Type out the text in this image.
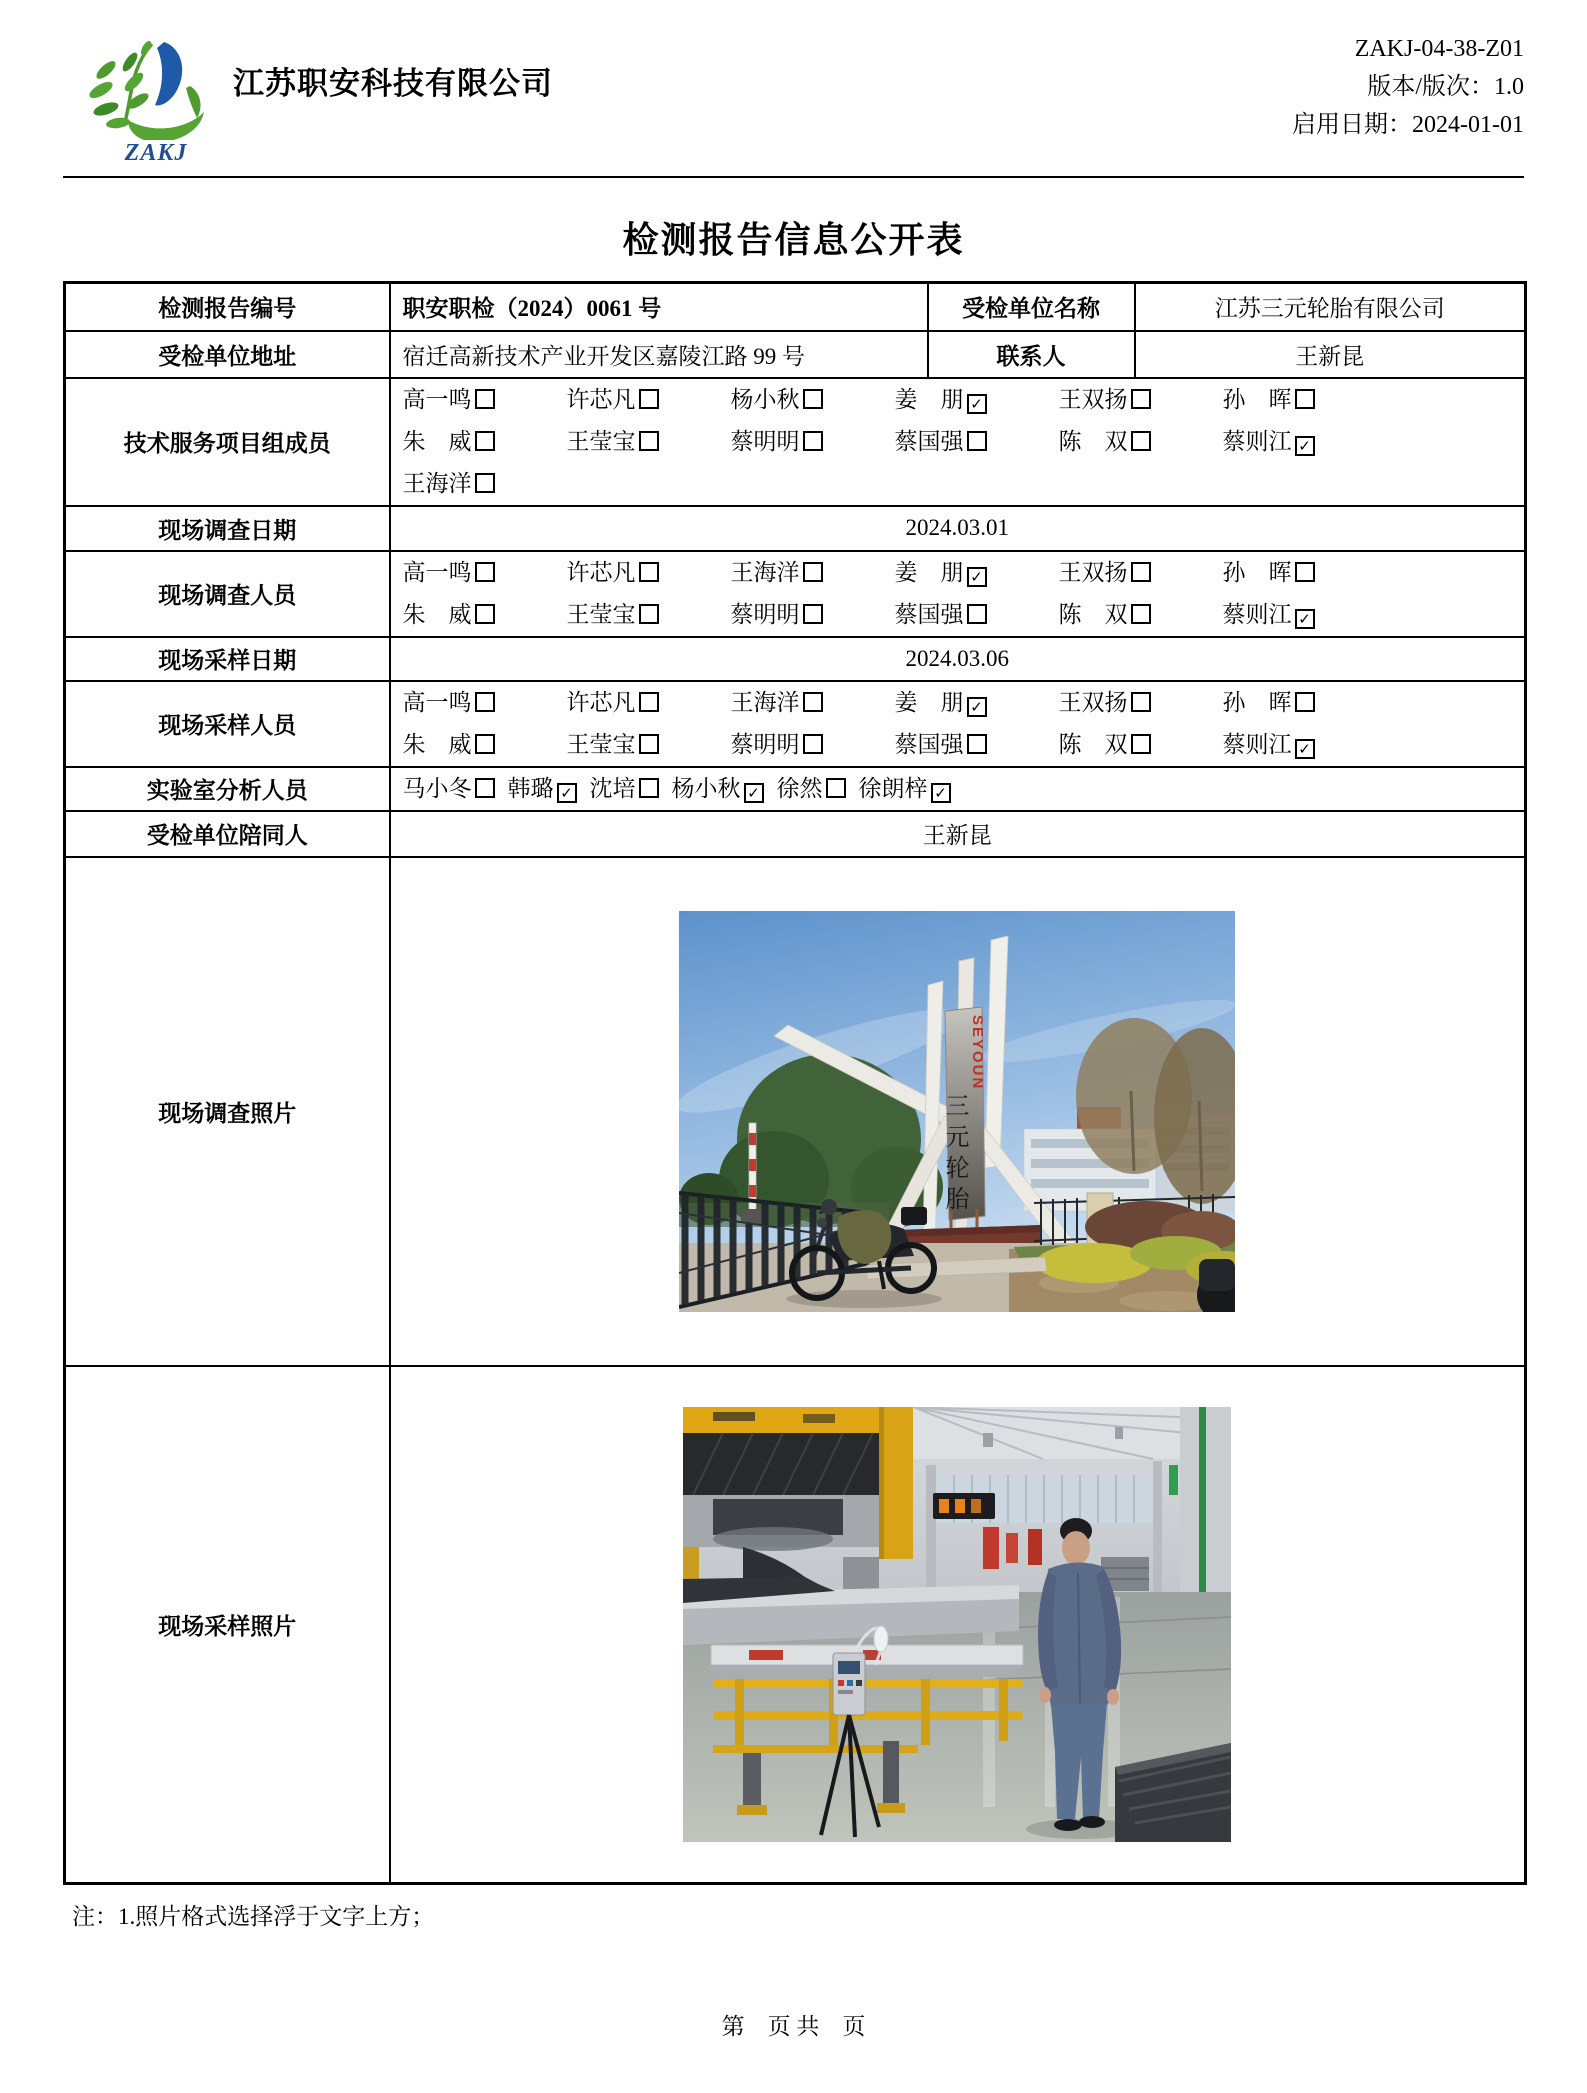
ZAKJ
江苏职安科技有限公司
ZAKJ-04-38-Z01
版本/版次：1.0
启用日期：2024-01-01
检测报告信息公开表
检测报告编号	职安职检（2024）0061 号	受检单位名称	江苏三元轮胎有限公司
受检单位地址	宿迁高新技术产业开发区嘉陵江路 99 号	联系人	王新昆
技术服务项目组成员	
高一鸣	许芯凡	杨小秋	姜　朋 ✓	王双扬	孙　晖
朱　威	王莹宝	蔡明明	蔡国强	陈　双	蔡则江 ✓
王海洋

现场调查日期	2024.03.01		
现场调查人员	
高一鸣	许芯凡	王海洋	姜　朋 ✓	王双扬	孙　晖
朱　威	王莹宝	蔡明明	蔡国强	陈　双	蔡则江 ✓

现场采样日期	2024.03.06		
现场采样人员	
高一鸣	许芯凡	王海洋	姜　朋 ✓	王双扬	孙　晖
朱　威	王莹宝	蔡明明	蔡国强	陈　双	蔡则江 ✓

实验室分析人员	马小冬 韩璐 ✓ 沈培 杨小秋 ✓ 徐然 徐朗梓 ✓		

受检单位陪同人	王新昆		
现场调查照片	SEYOUN
三元轮胎		

现场采样照片	
注：1.照片格式选择浮于文字上方；
第　页 共　页
